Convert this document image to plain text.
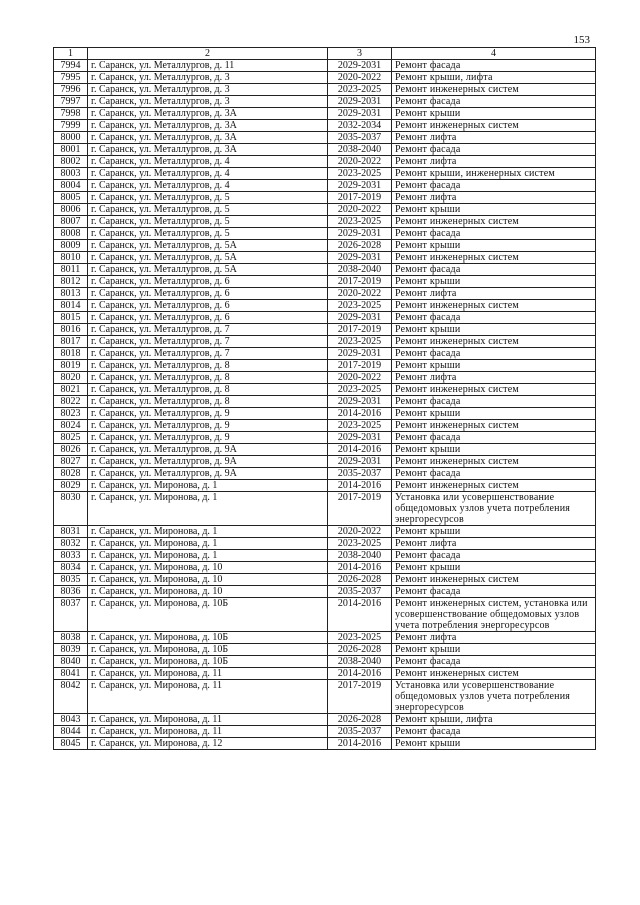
153
1	2	3	4
7994	г. Саранск, ул. Металлургов, д. 11	2029-2031	Ремонт фасада
7995	г. Саранск, ул. Металлургов, д. 3	2020-2022	Ремонт крыши, лифта
7996	г. Саранск, ул. Металлургов, д. 3	2023-2025	Ремонт инженерных систем
7997	г. Саранск, ул. Металлургов, д. 3	2029-2031	Ремонт фасада
7998	г. Саранск, ул. Металлургов, д. 3А	2029-2031	Ремонт крыши
7999	г. Саранск, ул. Металлургов, д. 3А	2032-2034	Ремонт инженерных систем
8000	г. Саранск, ул. Металлургов, д. 3А	2035-2037	Ремонт лифта
8001	г. Саранск, ул. Металлургов, д. 3А	2038-2040	Ремонт фасада
8002	г. Саранск, ул. Металлургов, д. 4	2020-2022	Ремонт лифта
8003	г. Саранск, ул. Металлургов, д. 4	2023-2025	Ремонт крыши, инженерных систем
8004	г. Саранск, ул. Металлургов, д. 4	2029-2031	Ремонт фасада
8005	г. Саранск, ул. Металлургов, д. 5	2017-2019	Ремонт лифта
8006	г. Саранск, ул. Металлургов, д. 5	2020-2022	Ремонт крыши
8007	г. Саранск, ул. Металлургов, д. 5	2023-2025	Ремонт инженерных систем
8008	г. Саранск, ул. Металлургов, д. 5	2029-2031	Ремонт фасада
8009	г. Саранск, ул. Металлургов, д. 5А	2026-2028	Ремонт крыши
8010	г. Саранск, ул. Металлургов, д. 5А	2029-2031	Ремонт инженерных систем
8011	г. Саранск, ул. Металлургов, д. 5А	2038-2040	Ремонт фасада
8012	г. Саранск, ул. Металлургов, д. 6	2017-2019	Ремонт крыши
8013	г. Саранск, ул. Металлургов, д. 6	2020-2022	Ремонт лифта
8014	г. Саранск, ул. Металлургов, д. 6	2023-2025	Ремонт инженерных систем
8015	г. Саранск, ул. Металлургов, д. 6	2029-2031	Ремонт фасада
8016	г. Саранск, ул. Металлургов, д. 7	2017-2019	Ремонт крыши
8017	г. Саранск, ул. Металлургов, д. 7	2023-2025	Ремонт инженерных систем
8018	г. Саранск, ул. Металлургов, д. 7	2029-2031	Ремонт фасада
8019	г. Саранск, ул. Металлургов, д. 8	2017-2019	Ремонт крыши
8020	г. Саранск, ул. Металлургов, д. 8	2020-2022	Ремонт лифта
8021	г. Саранск, ул. Металлургов, д. 8	2023-2025	Ремонт инженерных систем
8022	г. Саранск, ул. Металлургов, д. 8	2029-2031	Ремонт фасада
8023	г. Саранск, ул. Металлургов, д. 9	2014-2016	Ремонт крыши
8024	г. Саранск, ул. Металлургов, д. 9	2023-2025	Ремонт инженерных систем
8025	г. Саранск, ул. Металлургов, д. 9	2029-2031	Ремонт фасада
8026	г. Саранск, ул. Металлургов, д. 9А	2014-2016	Ремонт крыши
8027	г. Саранск, ул. Металлургов, д. 9А	2029-2031	Ремонт инженерных систем
8028	г. Саранск, ул. Металлургов, д. 9А	2035-2037	Ремонт фасада
8029	г. Саранск, ул. Миронова, д. 1	2014-2016	Ремонт инженерных систем
8030	г. Саранск, ул. Миронова, д. 1	2017-2019	Установка или усовершенствование общедомовых узлов учета потребления энергоресурсов
8031	г. Саранск, ул. Миронова, д. 1	2020-2022	Ремонт крыши
8032	г. Саранск, ул. Миронова, д. 1	2023-2025	Ремонт лифта
8033	г. Саранск, ул. Миронова, д. 1	2038-2040	Ремонт фасада
8034	г. Саранск, ул. Миронова, д. 10	2014-2016	Ремонт крыши
8035	г. Саранск, ул. Миронова, д. 10	2026-2028	Ремонт инженерных систем
8036	г. Саранск, ул. Миронова, д. 10	2035-2037	Ремонт фасада
8037	г. Саранск, ул. Миронова, д. 10Б	2014-2016	Ремонт инженерных систем, установка или усовершенствование общедомовых узлов учета потребления энергоресурсов
8038	г. Саранск, ул. Миронова, д. 10Б	2023-2025	Ремонт лифта
8039	г. Саранск, ул. Миронова, д. 10Б	2026-2028	Ремонт крыши
8040	г. Саранск, ул. Миронова, д. 10Б	2038-2040	Ремонт фасада
8041	г. Саранск, ул. Миронова, д. 11	2014-2016	Ремонт инженерных систем
8042	г. Саранск, ул. Миронова, д. 11	2017-2019	Установка или усовершенствование общедомовых узлов учета потребления энергоресурсов
8043	г. Саранск, ул. Миронова, д. 11	2026-2028	Ремонт крыши, лифта
8044	г. Саранск, ул. Миронова, д. 11	2035-2037	Ремонт фасада
8045	г. Саранск, ул. Миронова, д. 12	2014-2016	Ремонт крыши
